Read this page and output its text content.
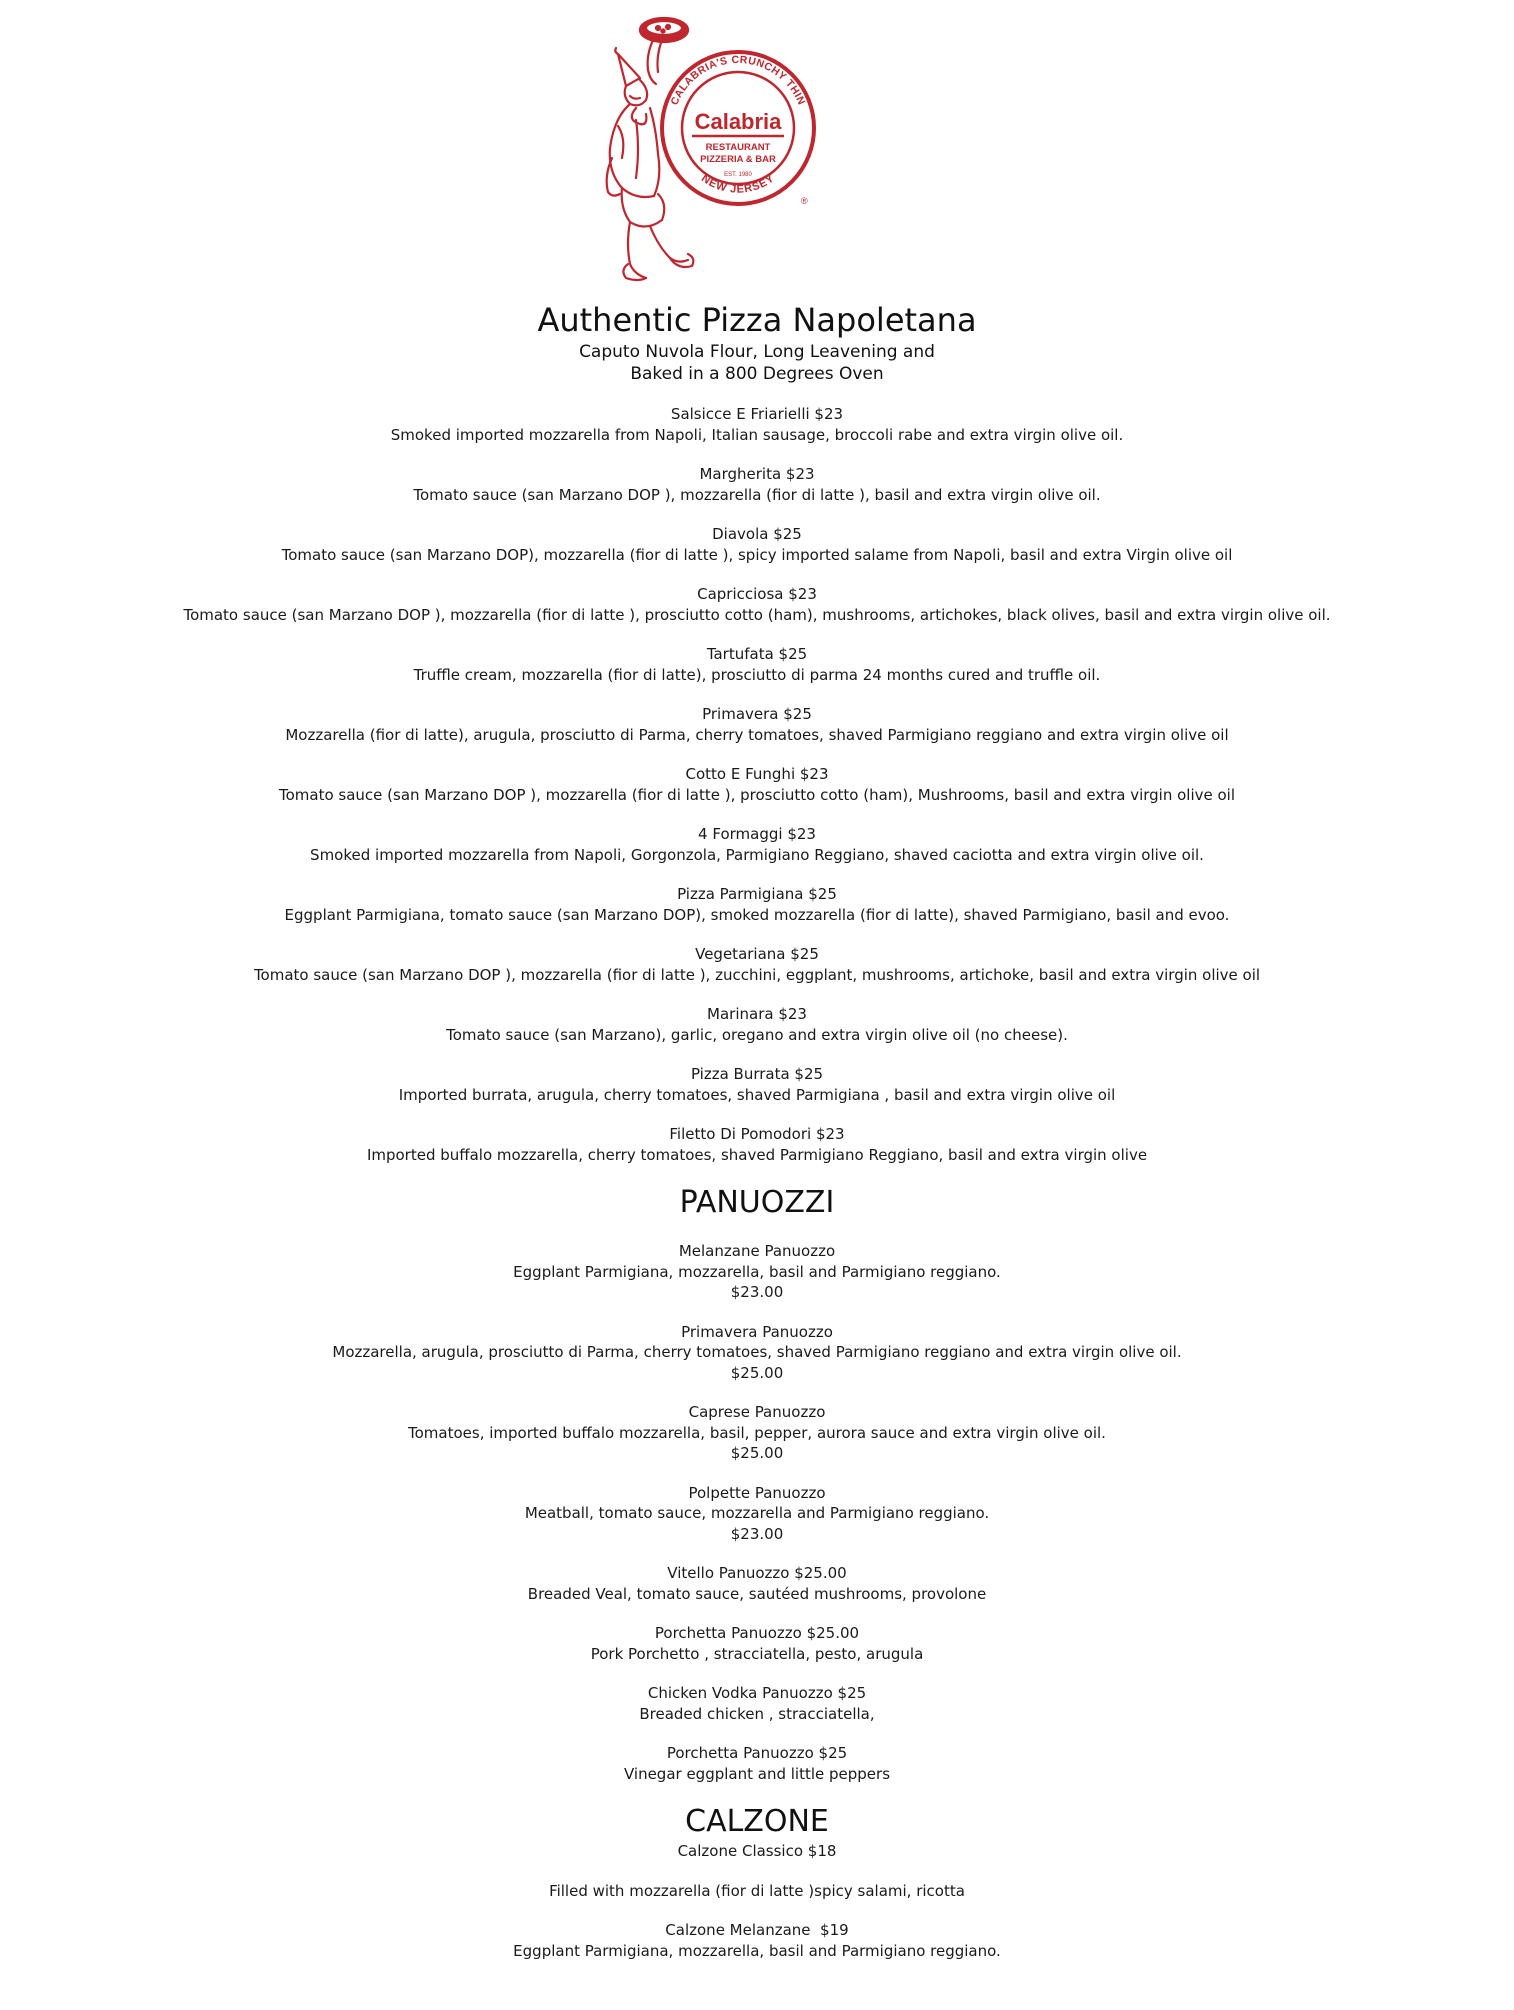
CALABRIA'S CRUNCHY THIN
NEW JERSEY
Calabria
RESTAURANT
PIZZERIA & BAR
EST. 1980
®
Authentic Pizza Napoletana
Caputo Nuvola Flour, Long Leavening and
Baked in a 800 Degrees Oven
Salsicce E Friarielli $23
Smoked imported mozzarella from Napoli, Italian sausage, broccoli rabe and extra virgin olive oil.
Margherita $23
Tomato sauce (san Marzano DOP ), mozzarella (fior di latte ), basil and extra virgin olive oil.
Diavola $25
Tomato sauce (san Marzano DOP), mozzarella (fior di latte ), spicy imported salame from Napoli, basil and extra Virgin olive oil
Capricciosa $23
Tomato sauce (san Marzano DOP ), mozzarella (fior di latte ), prosciutto cotto (ham), mushrooms, artichokes, black olives, basil and extra virgin olive oil.
Tartufata $25
Truffle cream, mozzarella (fior di latte), prosciutto di parma 24 months cured and truffle oil.
Primavera $25
Mozzarella (fior di latte), arugula, prosciutto di Parma, cherry tomatoes, shaved Parmigiano reggiano and extra virgin olive oil
Cotto E Funghi $23
Tomato sauce (san Marzano DOP ), mozzarella (fior di latte ), prosciutto cotto (ham), Mushrooms, basil and extra virgin olive oil
4 Formaggi $23
Smoked imported mozzarella from Napoli, Gorgonzola, Parmigiano Reggiano, shaved caciotta and extra virgin olive oil.
Pizza Parmigiana $25
Eggplant Parmigiana, tomato sauce (san Marzano DOP), smoked mozzarella (fior di latte), shaved Parmigiano, basil and evoo.
Vegetariana $25
Tomato sauce (san Marzano DOP ), mozzarella (fior di latte ), zucchini, eggplant, mushrooms, artichoke, basil and extra virgin olive oil
Marinara $23
Tomato sauce (san Marzano), garlic, oregano and extra virgin olive oil (no cheese).
Pizza Burrata $25
Imported burrata, arugula, cherry tomatoes, shaved Parmigiana , basil and extra virgin olive oil
Filetto Di Pomodori $23
Imported buffalo mozzarella, cherry tomatoes, shaved Parmigiano Reggiano, basil and extra virgin olive
PANUOZZI
Melanzane Panuozzo
Eggplant Parmigiana, mozzarella, basil and Parmigiano reggiano.
$23.00
Primavera Panuozzo
Mozzarella, arugula, prosciutto di Parma, cherry tomatoes, shaved Parmigiano reggiano and extra virgin olive oil.
$25.00
Caprese Panuozzo
Tomatoes, imported buffalo mozzarella, basil, pepper, aurora sauce and extra virgin olive oil.
$25.00
Polpette Panuozzo
Meatball, tomato sauce, mozzarella and Parmigiano reggiano.
$23.00
Vitello Panuozzo $25.00
Breaded Veal, tomato sauce, sautéed mushrooms, provolone
Porchetta Panuozzo $25.00
Pork Porchetto , stracciatella, pesto, arugula
Chicken Vodka Panuozzo $25
Breaded chicken , stracciatella,
Porchetta Panuozzo $25
Vinegar eggplant and little peppers
CALZONE
Calzone Classico $18
Filled with mozzarella (fior di latte )spicy salami, ricotta
Calzone Melanzane  $19
Eggplant Parmigiana, mozzarella, basil and Parmigiano reggiano.
